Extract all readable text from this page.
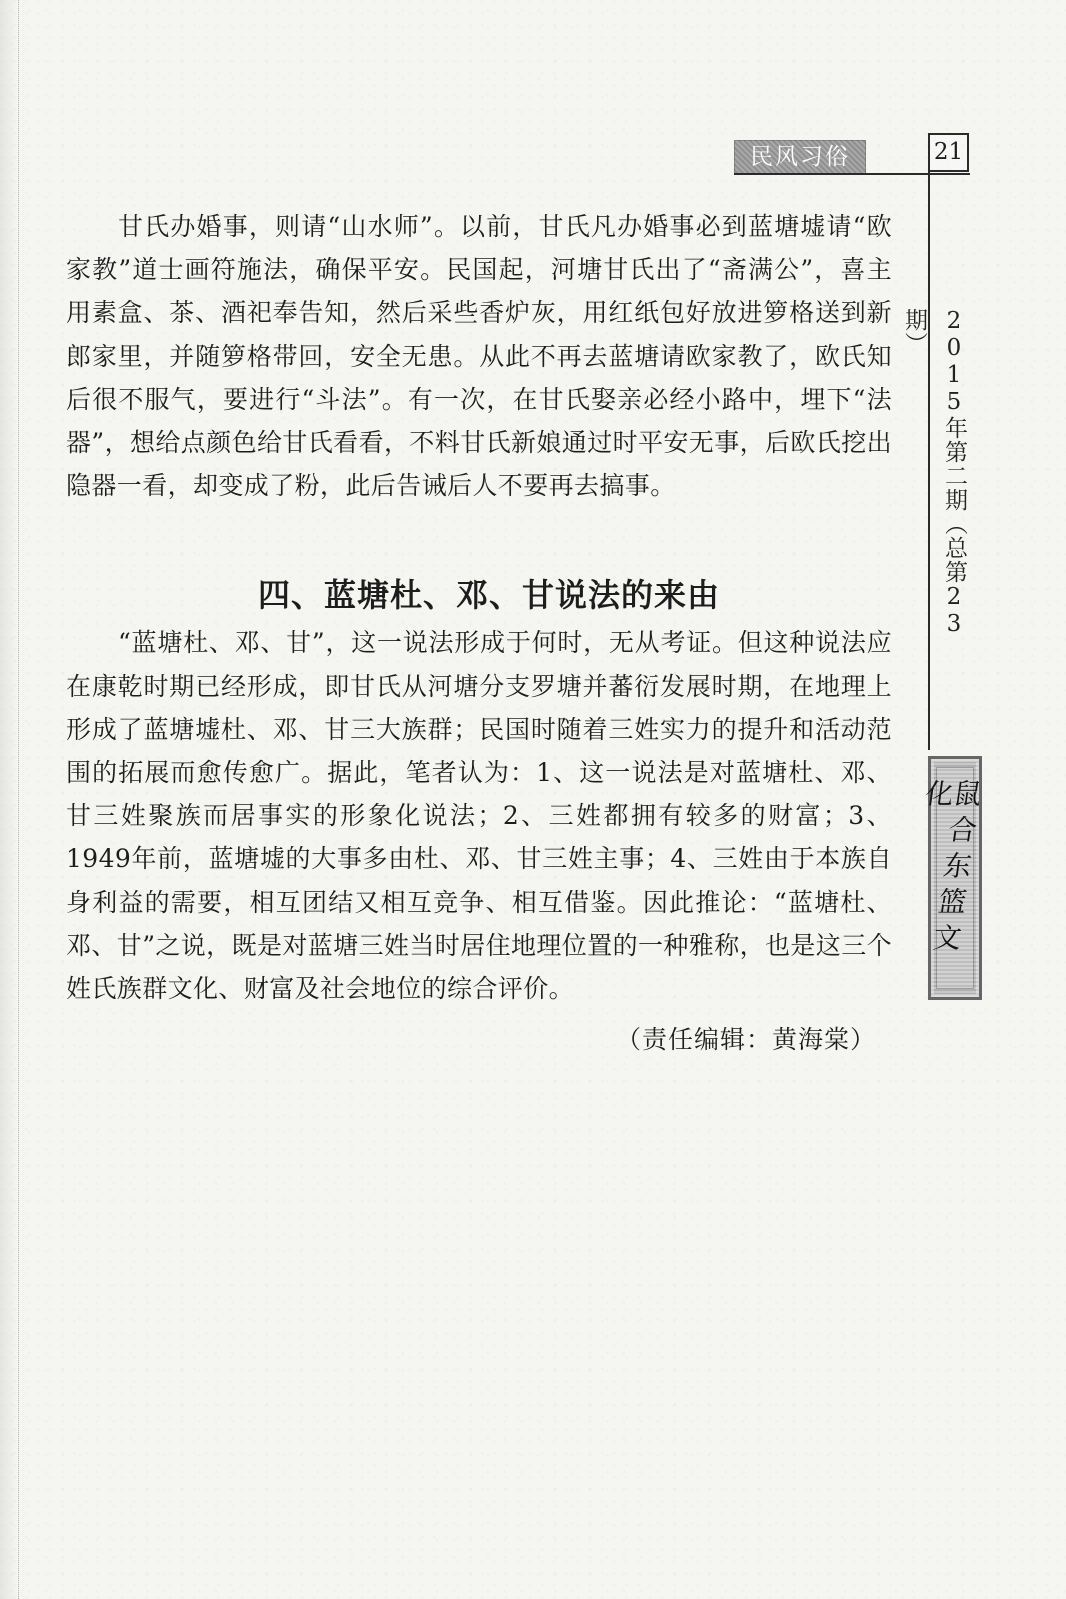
民风习俗	21
2015年第二期（总第23期）
鼠合东篮文化

甘氏办婚事，则请“山水师”。以前，甘氏凡办婚事必到蓝塘墟请“欧家教”道士画符施法，确保平安。民国起，河塘甘氏出了“斋满公”，喜主用素盒、茶、酒祀奉告知，然后采些香炉灰，用红纸包好放进箩格送到新郎家里，并随箩格带回，安全无患。从此不再去蓝塘请欧家教了，欧氏知后很不服气，要进行“斗法”。有一次，在甘氏娶亲必经小路中，埋下“法器”，想给点颜色给甘氏看看，不料甘氏新娘通过时平安无事，后欧氏挖出隐器一看，却变成了粉，此后告诫后人不要再去搞事。

四、蓝塘杜、邓、甘说法的来由

“蓝塘杜、邓、甘”，这一说法形成于何时，无从考证。但这种说法应在康乾时期已经形成，即甘氏从河塘分支罗塘并蕃衍发展时期，在地理上形成了蓝塘墟杜、邓、甘三大族群；民国时随着三姓实力的提升和活动范围的拓展而愈传愈广。据此，笔者认为：1、这一说法是对蓝塘杜、邓、甘三姓聚族而居事实的形象化说法；2、三姓都拥有较多的财富；3、1949年前，蓝塘墟的大事多由杜、邓、甘三姓主事；4、三姓由于本族自身利益的需要，相互团结又相互竞争、相互借鉴。因此推论：“蓝塘杜、邓、甘”之说，既是对蓝塘三姓当时居住地理位置的一种雅称，也是这三个姓氏族群文化、财富及社会地位的综合评价。

（责任编辑：黄海棠）
